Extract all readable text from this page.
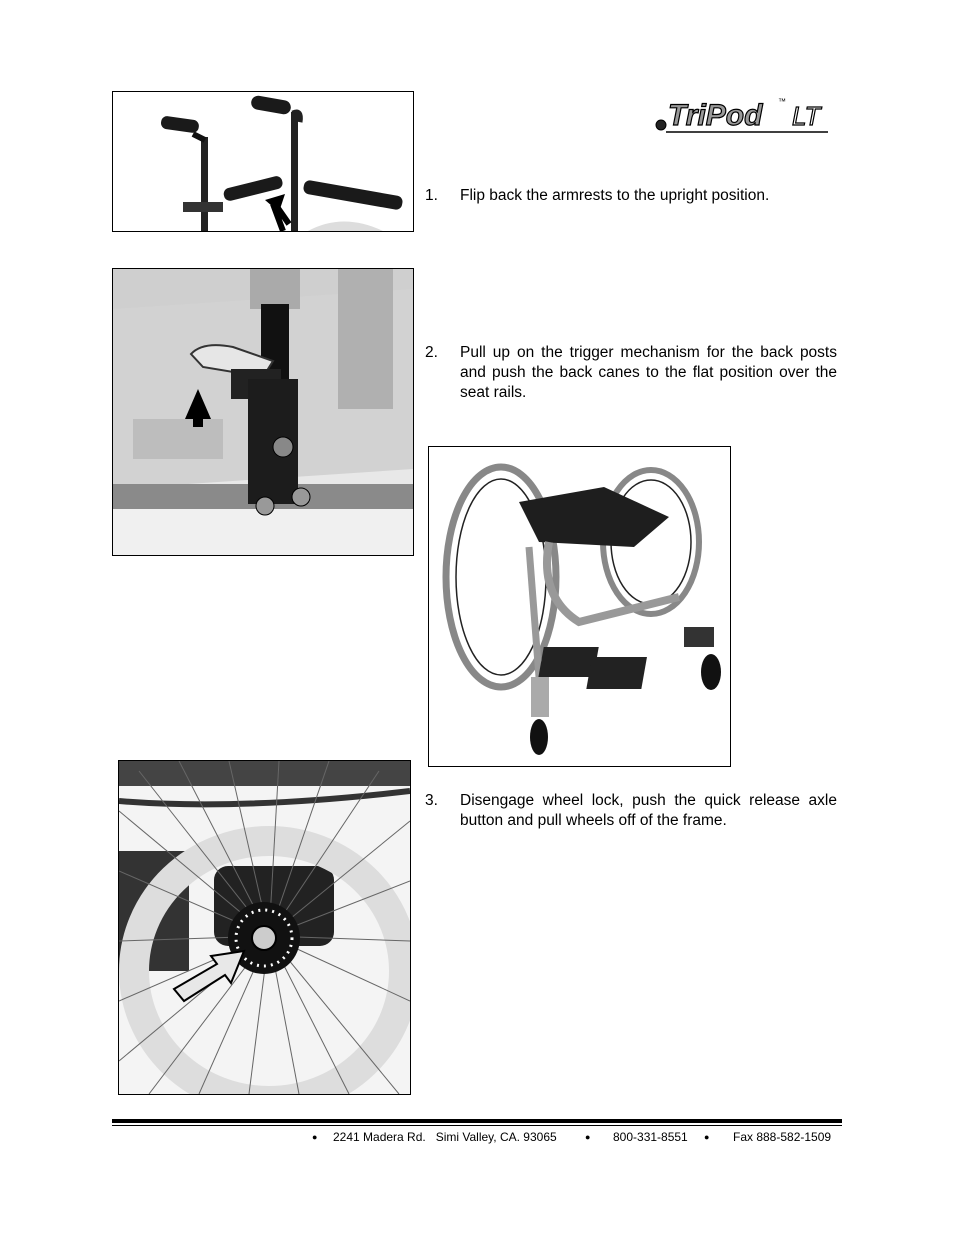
TriPod ™ LT
1. Flip back the armrests to the upright position.
2. Pull up on the trigger mechanism for the back posts and push the back canes to the flat position over the seat rails.
3. Disengage wheel lock, push the quick release axle button and pull wheels off of the frame.
● 2241 Madera Rd.   Simi Valley, CA. 93065	● 800-331-8551 ● Fax 888-582-1509
